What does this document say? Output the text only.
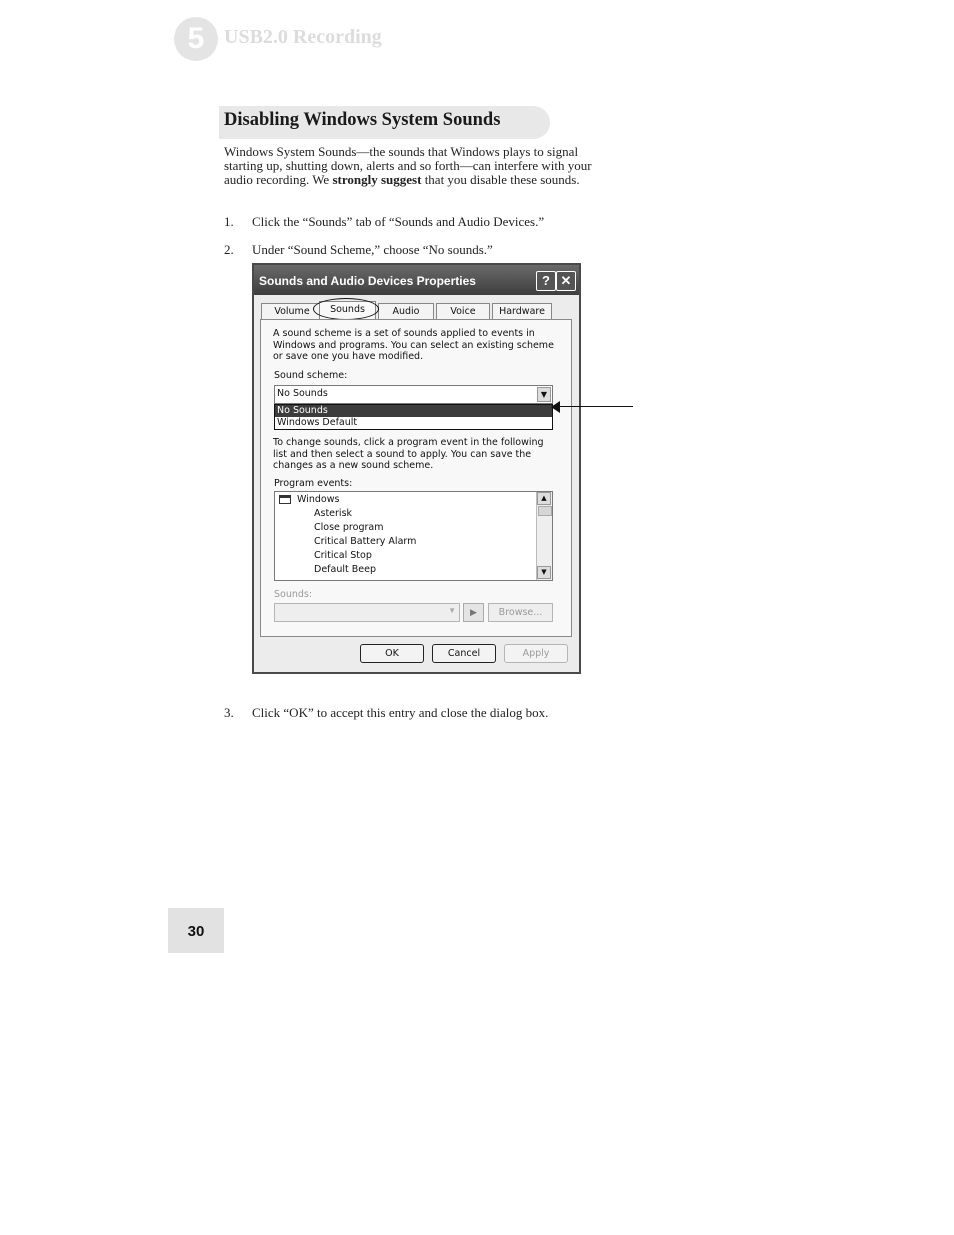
5 USB2.0 Recording
Disabling Windows System Sounds
Windows System Sounds—the sounds that Windows plays to signal starting up, shutting down, alerts and so forth—can interfere with your audio recording. We strongly suggest that you disable these sounds.
1. Click the “Sounds” tab of “Sounds and Audio Devices.”
2. Under “Sound Scheme,” choose “No sounds.”
Sounds and Audio Devices Properties	? ✕
Volume	Sounds	Audio	Voice	Hardware
A sound scheme is a set of sounds applied to events in Windows and programs. You can select an existing scheme or save one you have modified.
Sound scheme:
No Sounds	▼
No Sounds
Windows Default
To change sounds, click a program event in the following list and then select a sound to apply. You can save the changes as a new sound scheme.
Program events:
Windows
Asterisk
Close program
Critical Battery Alarm
Critical Stop
Default Beep
▲
▼
Sounds:
▼	▶	Browse...
OK	Cancel	Apply
3. Click “OK” to accept this entry and close the dialog box.
30
